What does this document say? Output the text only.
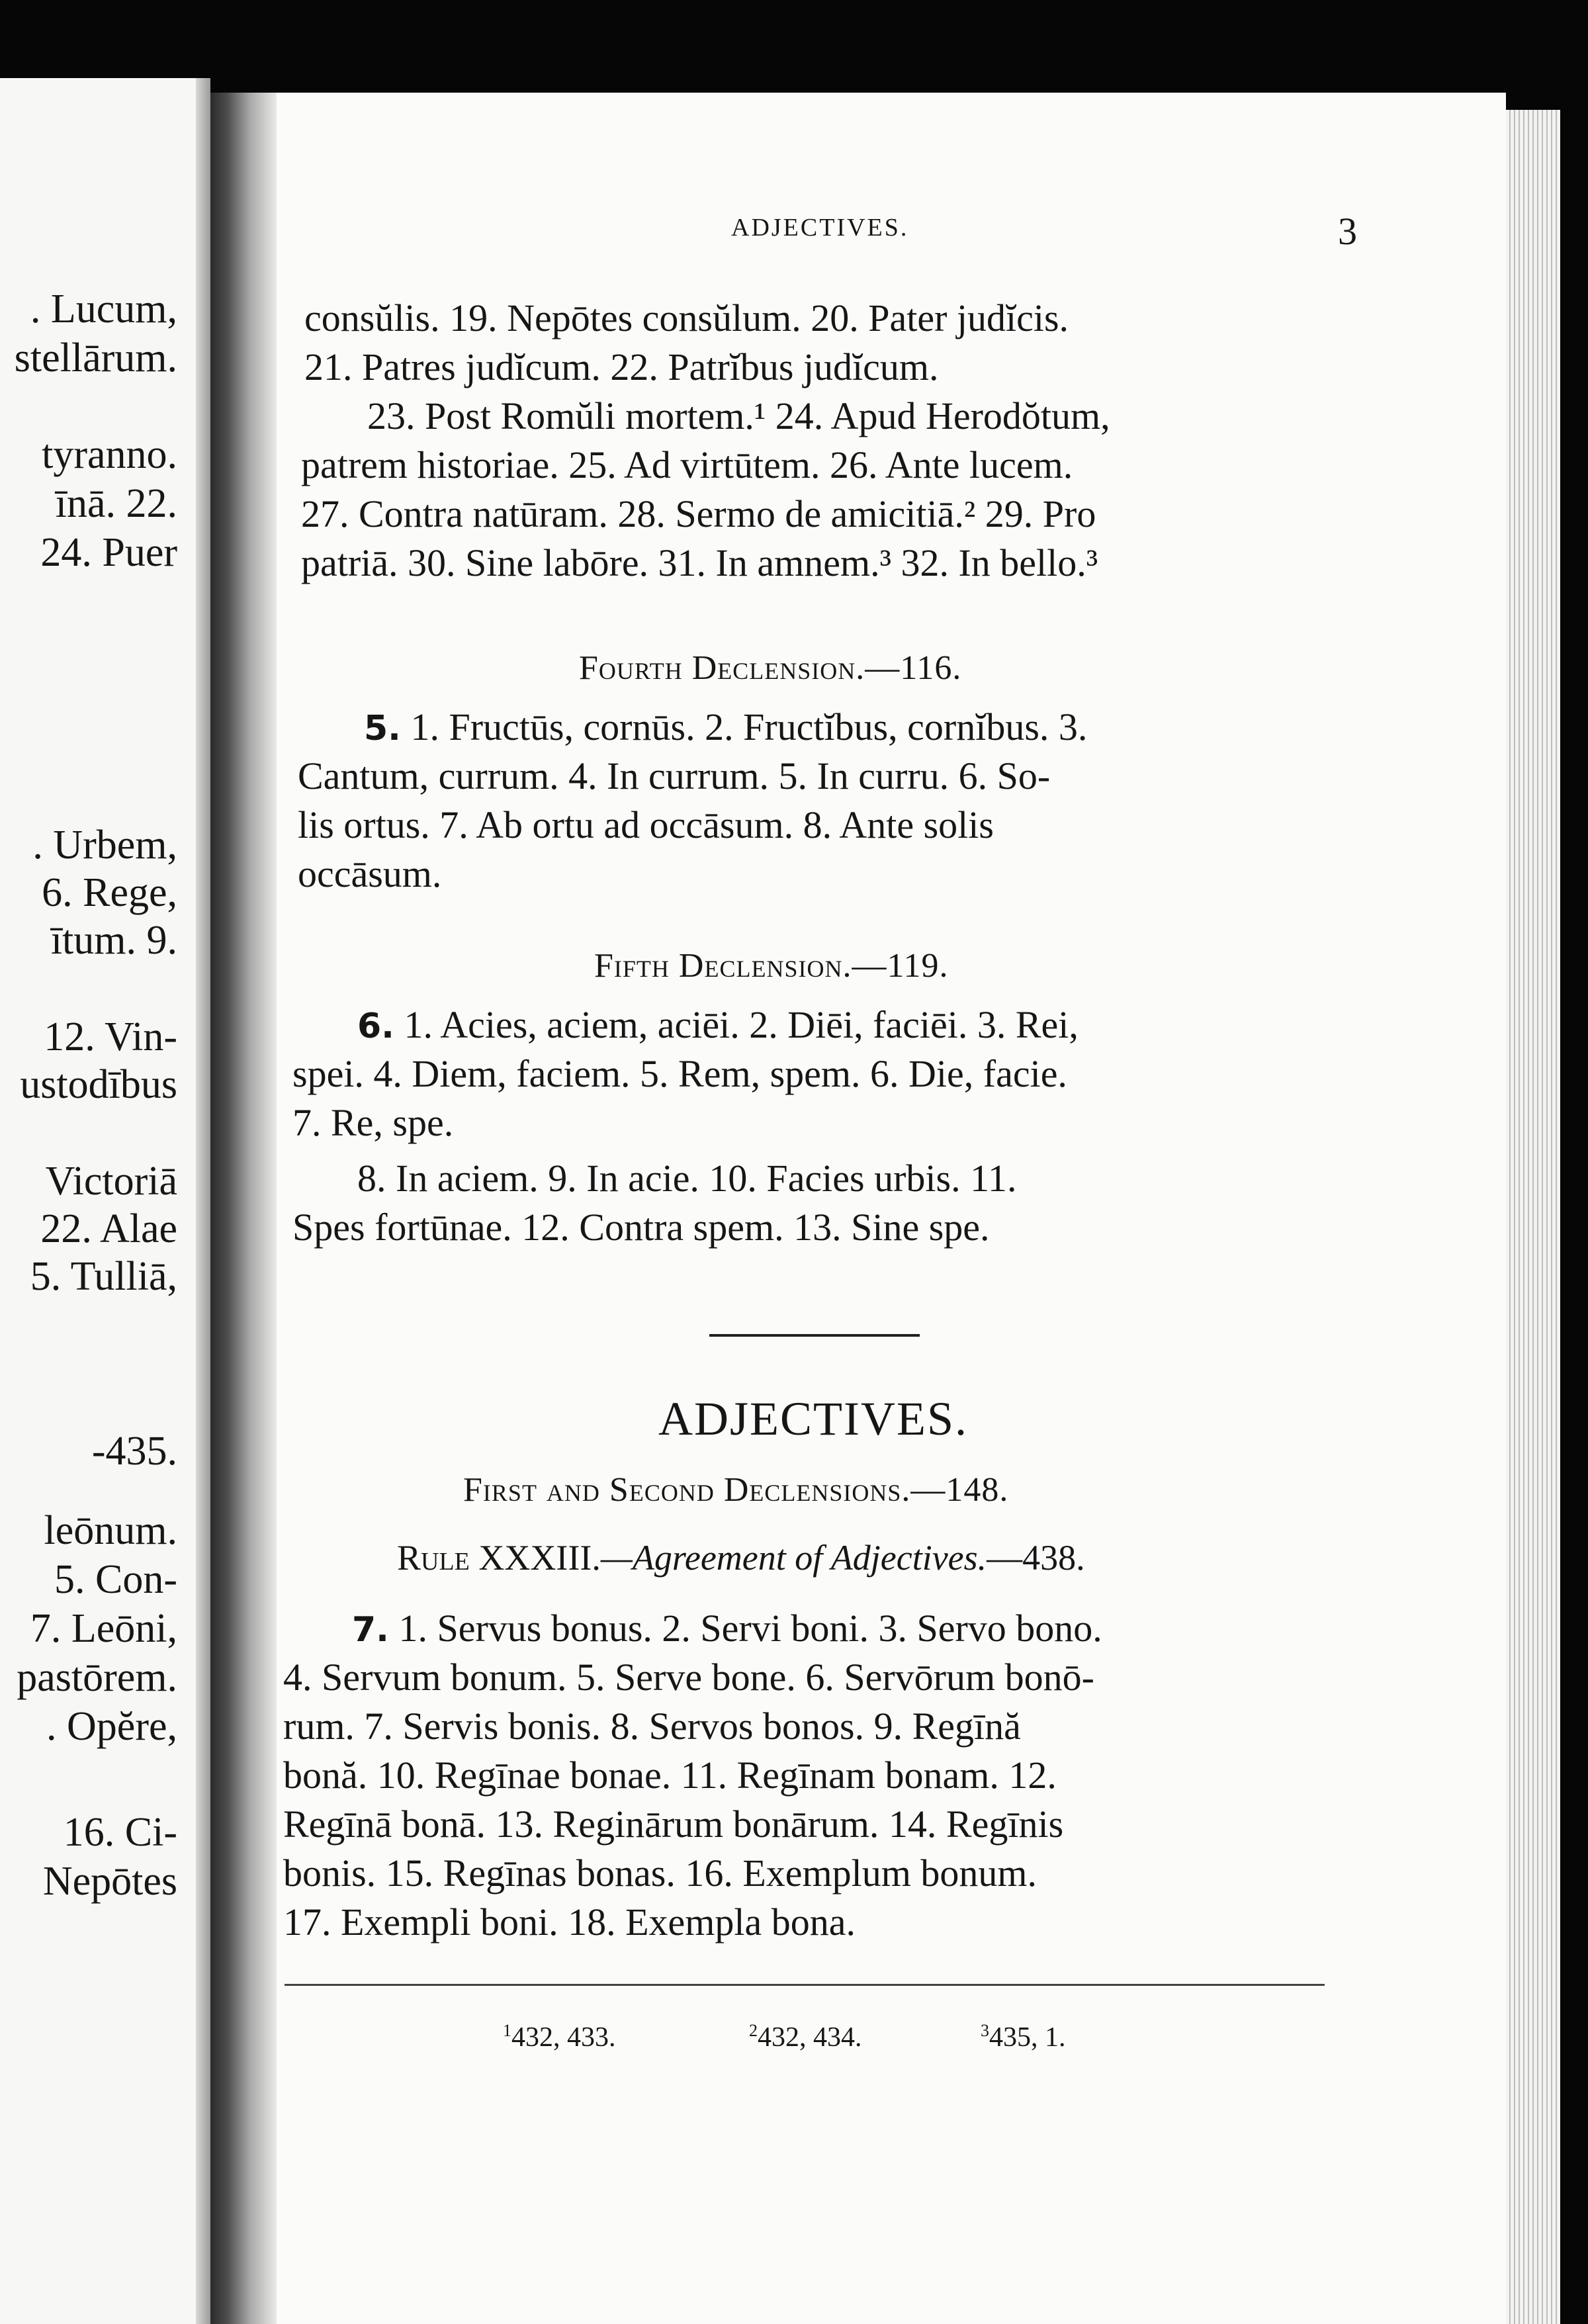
. Lucum,
stellārum.
tyranno.
īnā. 22.
24. Puer
. Urbem,
6. Rege,
ītum. 9.
12. Vin-
ustodībus
Victoriā
22. Alae
5. Tulliā,
-435.
leōnum.
5. Con-
7. Leōni,
pastōrem.
. Opĕre,
16. Ci-
Nepōtes
ADJECTIVES.	3
consŭlis. 19. Nepōtes consŭlum. 20. Pater judĭcis.
21. Patres judĭcum. 22. Patrĭbus judĭcum.
23. Post Romŭli mortem.¹ 24. Apud Herodŏtum,
patrem historiae. 25. Ad virtūtem. 26. Ante lucem.
27. Contra natūram. 28. Sermo de amicitiā.² 29. Pro
patriā. 30. Sine labōre. 31. In amnem.³ 32. In bello.³
Fourth Declension.—116.
5. 1. Fructūs, cornūs. 2. Fructĭbus, cornĭbus. 3.
Cantum, currum. 4. In currum. 5. In curru. 6. So-
lis ortus. 7. Ab ortu ad occāsum. 8. Ante solis
occāsum.
Fifth Declension.—119.
6. 1. Acies, aciem, aciēi. 2. Diēi, faciēi. 3. Rei,
spei. 4. Diem, faciem. 5. Rem, spem. 6. Die, facie.
7. Re, spe.
8. In aciem. 9. In acie. 10. Facies urbis. 11.
Spes fortūnae. 12. Contra spem. 13. Sine spe.
ADJECTIVES.
First and Second Declensions.—148.
Rule XXXIII.—Agreement of Adjectives.—438.
7. 1. Servus bonus. 2. Servi boni. 3. Servo bono.
4. Servum bonum. 5. Serve bone. 6. Servōrum bonō-
rum. 7. Servis bonis. 8. Servos bonos. 9. Regīnă
bonă. 10. Regīnae bonae. 11. Regīnam bonam. 12.
Regīnā bonā. 13. Reginārum bonārum. 14. Regīnis
bonis. 15. Regīnas bonas. 16. Exemplum bonum.
17. Exempli boni. 18. Exempla bona.
$^1$432, 433.	$^2$432, 434.	$^3$435, 1.
